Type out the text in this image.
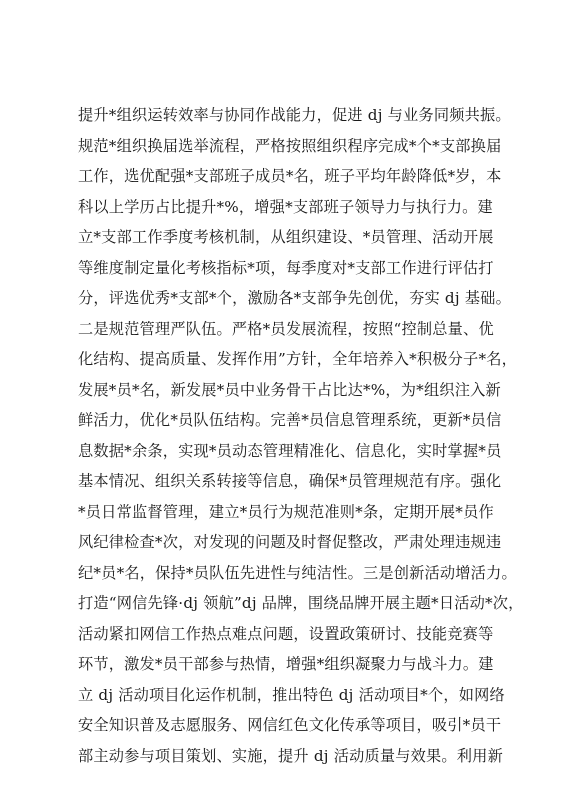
提升*组织运转效率与协同作战能力，促进 dj 与业务同频共振。
规范*组织换届选举流程，严格按照组织程序完成*个*支部换届
工作，选优配强*支部班子成员*名，班子平均年龄降低*岁，本
科以上学历占比提升*%，增强*支部班子领导力与执行力。建
立*支部工作季度考核机制，从组织建设、*员管理、活动开展
等维度制定量化考核指标*项，每季度对*支部工作进行评估打
分，评选优秀*支部*个，激励各*支部争先创优，夯实 dj 基础。
二是规范管理严队伍。严格*员发展流程，按照“控制总量、优
化结构、提高质量、发挥作用”方针，全年培养入*积极分子*名，
发展*员*名，新发展*员中业务骨干占比达*%，为*组织注入新
鲜活力，优化*员队伍结构。完善*员信息管理系统，更新*员信
息数据*余条，实现*员动态管理精准化、信息化，实时掌握*员
基本情况、组织关系转接等信息，确保*员管理规范有序。强化
*员日常监督管理，建立*员行为规范准则*条，定期开展*员作
风纪律检查*次，对发现的问题及时督促整改，严肃处理违规违
纪*员*名，保持*员队伍先进性与纯洁性。三是创新活动增活力。
打造“网信先锋·dj 领航”dj 品牌，围绕品牌开展主题*日活动*次，
活动紧扣网信工作热点难点问题，设置政策研讨、技能竞赛等
环节，激发*员干部参与热情，增强*组织凝聚力与战斗力。建
立 dj 活动项目化运作机制，推出特色 dj 活动项目*个，如网络
安全知识普及志愿服务、网信红色文化传承等项目，吸引*员干
部主动参与项目策划、实施，提升 dj 活动质量与效果。利用新
